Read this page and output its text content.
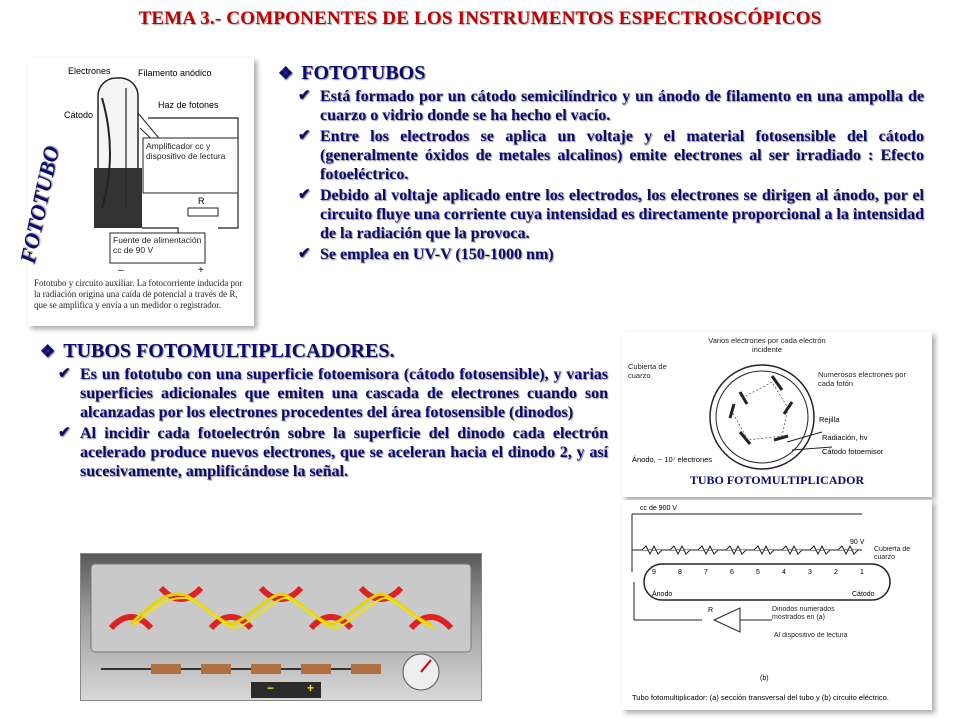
TEMA 3.- COMPONENTES DE LOS INSTRUMENTOS ESPECTROSCÓPICOS
Electrones	Filamento anódico
Cátodo
Haz de fotones
Amplificador cc y dispositivo de lectura
R
Fuente de alimentación cc de 90 V
–	+
Fototubo y circuito auxiliar. La fotocorriente inducida por la radiación origina una caída de potencial a través de R, que se amplifica y envía a un medidor o registrador.
FOTOTUBO
❖ FOTOTUBOS
✔ Está formado por un cátodo semicilíndrico y un ánodo de filamento en una ampolla de cuarzo o vidrio donde se ha hecho el vacío.
✔ Entre los electrodos se aplica un voltaje y el material fotosensible del cátodo (generalmente óxidos de metales alcalinos) emite electrones al ser irradiado : Efecto fotoeléctrico.
✔ Debido al voltaje aplicado entre los electrodos, los electrones se dirigen al ánodo, por el circuito fluye una corriente cuya intensidad es directamente proporcional a la intensidad de la radiación que la provoca.
✔ Se emplea en UV-V (150-1000 nm)
❖ TUBOS FOTOMULTIPLICADORES.
✔ Es un fototubo con una superficie fotoemisora (cátodo fotosensible), y varias superficies adicionales que emiten una cascada de electrones cuando son alcanzadas por los electrones procedentes del área fotosensible (dinodos)
✔ Al incidir cada fotoelectrón sobre la superficie del dinodo cada electrón acelerado produce nuevos electrones, que se aceleran hacia el dinodo 2, y así sucesivamente, amplificándose la señal.
Varios electrones por cada electrón incidente
Cubierta de cuarzo	Numerosos electrones por cada fotón
Rejilla
Radiación, hν
Cátodo fotoemisor
Ánodo, ~ 10⁷ electrones
TUBO FOTOMULTIPLICADOR
cc de 900 V
90 V
Cubierta de cuarzo
9	8	7	6	5	4	3	2	1
Ánodo	Cátodo
R	Dinodos numerados mostrados en (a)
Al dispositivo de lectura
(b)
Tubo fotomultiplicador: (a) sección transversal del tubo y (b) circuito eléctrico.
−	+
